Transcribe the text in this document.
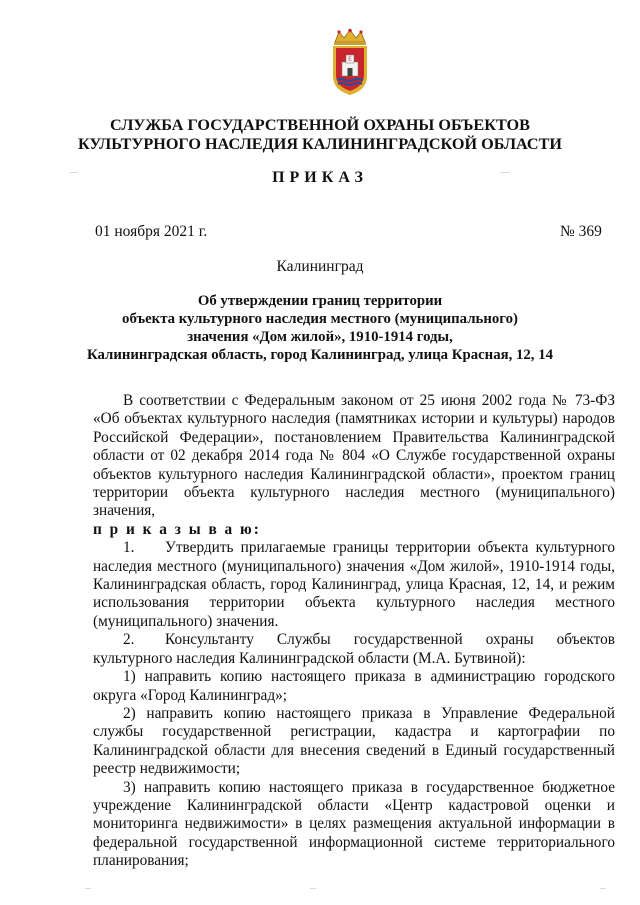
E
СЛУЖБА ГОСУДАРСТВЕННОЙ ОХРАНЫ ОБЪЕКТОВ
КУЛЬТУРНОГО НАСЛЕДИЯ КАЛИНИНГРАДСКОЙ ОБЛАСТИ
ПРИКАЗ
01 ноября 2021 г.	№ 369
Калининград
Об утверждении границ территории
объекта культурного наследия местного (муниципального)
значения «Дом жилой», 1910-1914 годы,
Калининградская область, город Калининград, улица Красная, 12, 14

В соответствии с Федеральным законом от 25 июня 2002 года № 73-ФЗ «Об объектах культурного наследия (памятниках истории и культуры) народов Российской Федерации», постановлением Правительства Калининградской области от 02 декабря 2014 года № 804 «О Службе государственной охраны объектов культурного наследия Калининградской области», проектом границ территории объекта культурного наследия местного (муниципального) значения,

п р и к а з ы в а ю:

1. Утвердить прилагаемые границы территории объекта культурного наследия местного (муниципального) значения «Дом жилой», 1910-1914 годы, Калининградская область, город Калининград, улица Красная, 12, 14, и режим использования территории объекта культурного наследия местного (муниципального) значения.

2. Консультанту Службы государственной охраны объектов культурного наследия Калининградской области (М.А. Бутвиной):

1) направить копию настоящего приказа в администрацию городского округа «Город Калининград»;

2) направить копию настоящего приказа в Управление Федеральной службы государственной регистрации, кадастра и картографии по Калининградской области для внесения сведений в Единый государственный реестр недвижимости;

3) направить копию настоящего приказа в государственное бюджетное учреждение Калининградской области «Центр кадастровой оценки и мониторинга недвижимости» в целях размещения актуальной информации в федеральной государственной информационной системе территориального планирования;
